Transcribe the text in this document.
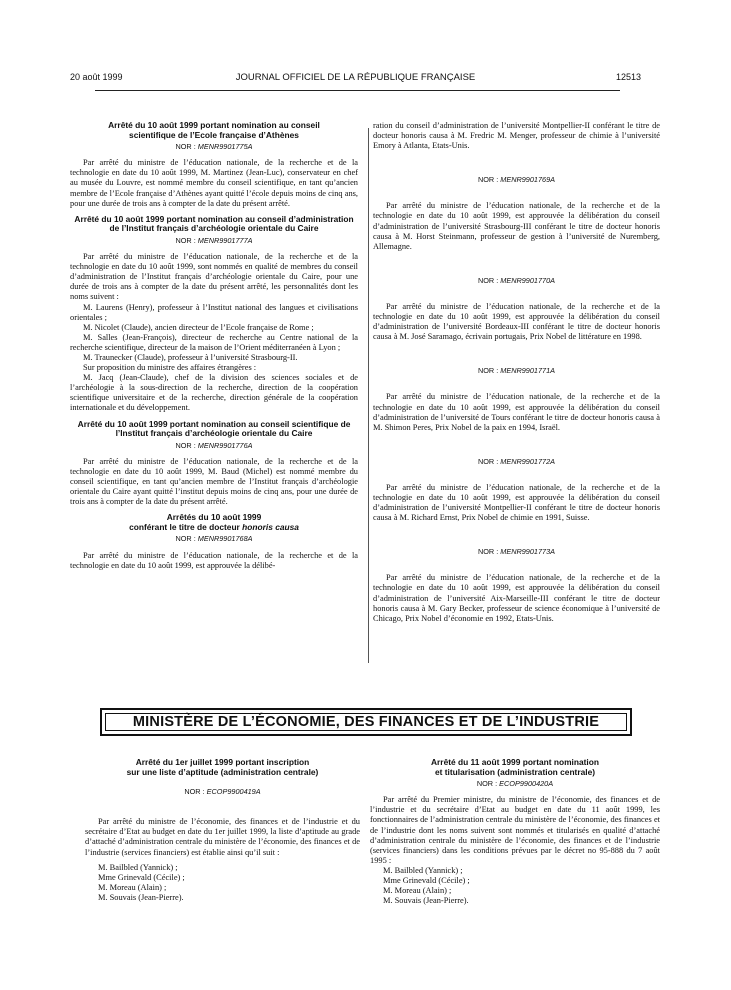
20 août 1999	JOURNAL OFFICIEL DE LA RÉPUBLIQUE FRANÇAISE	12513

Arrêté du 10 août 1999 portant nomination au conseil scientifique de l’Ecole française d’Athènes

NOR : MENR9901775A

Par arrêté du ministre de l’éducation nationale, de la recherche et de la technologie en date du 10 août 1999, M. Martinez (Jean-Luc), conservateur en chef au musée du Louvre, est nommé membre du conseil scientifique, en tant qu’ancien membre de l’Ecole française d’Athènes ayant quitté l’école depuis moins de cinq ans, pour une durée de trois ans à compter de la date du présent arrêté.

Arrêté du 10 août 1999 portant nomination au conseil d’administration de l’Institut français d’archéologie orientale du Caire

NOR : MENR9901777A

Par arrêté du ministre de l’éducation nationale, de la recherche et de la technologie en date du 10 août 1999, sont nommés en qualité de membres du conseil d’administration de l’Institut français d’archéologie orientale du Caire, pour une durée de trois ans à compter de la date du présent arrêté, les personnalités dont les noms suivent :

M. Laurens (Henry), professeur à l’Institut national des langues et civilisations orientales ;

M. Nicolet (Claude), ancien directeur de l’Ecole française de Rome ;

M. Salles (Jean-François), directeur de recherche au Centre national de la recherche scientifique, directeur de la maison de l’Orient méditerranéen à Lyon ;

M. Traunecker (Claude), professeur à l’université Strasbourg-II.

Sur proposition du ministre des affaires étrangères :

M. Jacq (Jean-Claude), chef de la division des sciences sociales et de l’archéologie à la sous-direction de la recherche, direction de la coopération scientifique universitaire et de la recherche, direction générale de la coopération internationale et du développement.

Arrêté du 10 août 1999 portant nomination au conseil scientifique de l’Institut français d’archéologie orientale du Caire

NOR : MENR9901776A

Par arrêté du ministre de l’éducation nationale, de la recherche et de la technologie en date du 10 août 1999, M. Baud (Michel) est nommé membre du conseil scientifique, en tant qu’ancien membre de l’Institut français d’archéologie orientale du Caire ayant quitté l’institut depuis moins de cinq ans, pour une durée de trois ans à compter de la date du présent arrêté.

Arrêtés du 10 août 1999

conférant le titre de docteur honoris causa

NOR : MENR9901768A

Par arrêté du ministre de l’éducation nationale, de la recherche et de la technologie en date du 10 août 1999, est approuvée la délibé-

ration du conseil d’administration de l’université Montpellier-II conférant le titre de docteur honoris causa à M. Fredric M. Menger, professeur de chimie à l’université Emory à Atlanta, Etats-Unis.

NOR : MENR9901769A

Par arrêté du ministre de l’éducation nationale, de la recherche et de la technologie en date du 10 août 1999, est approuvée la délibération du conseil d’administration de l’université Strasbourg-III conférant le titre de docteur honoris causa à M. Horst Steinmann, professeur de gestion à l’université de Nuremberg, Allemagne.

NOR : MENR9901770A

Par arrêté du ministre de l’éducation nationale, de la recherche et de la technologie en date du 10 août 1999, est approuvée la délibération du conseil d’administration de l’université Bordeaux-III conférant le titre de docteur honoris causa à M. José Saramago, écrivain portugais, Prix Nobel de littérature en 1998.

NOR : MENR9901771A

Par arrêté du ministre de l’éducation nationale, de la recherche et de la technologie en date du 10 août 1999, est approuvée la délibération du conseil d’administration de l’université de Tours conférant le titre de docteur honoris causa à M. Shimon Peres, Prix Nobel de la paix en 1994, Israël.

NOR : MENR9901772A

Par arrêté du ministre de l’éducation nationale, de la recherche et de la technologie en date du 10 août 1999, est approuvée la délibération du conseil d’administration de l’université Montpellier-II conférant le titre de docteur honoris causa à M. Richard Ernst, Prix Nobel de chimie en 1991, Suisse.

NOR : MENR9901773A

Par arrêté du ministre de l’éducation nationale, de la recherche et de la technologie en date du 10 août 1999, est approuvée la délibération du conseil d’administration de l’université Aix-Marseille-III conférant le titre de docteur honoris causa à M. Gary Becker, professeur de science économique à l’université de Chicago, Prix Nobel d’économie en 1992, Etats-Unis.

MINISTÈRE DE L’ÉCONOMIE, DES FINANCES ET DE L’INDUSTRIE

Arrêté du 1er juillet 1999 portant inscription

sur une liste d’aptitude (administration centrale)

NOR : ECOP9900419A

Par arrêté du ministre de l’économie, des finances et de l’industrie et du secrétaire d’Etat au budget en date du 1er juillet 1999, la liste d’aptitude au grade d’attaché d’administration centrale du ministère de l’économie, des finances et de l’industrie (services financiers) est établie ainsi qu’il suit :

M. Bailbled (Yannick) ;

Mme Grinevald (Cécile) ;

M. Moreau (Alain) ;

M. Souvais (Jean-Pierre).

Arrêté du 11 août 1999 portant nomination

et titularisation (administration centrale)

NOR : ECOP9900420A

Par arrêté du Premier ministre, du ministre de l’économie, des finances et de l’industrie et du secrétaire d’Etat au budget en date du 11 août 1999, les fonctionnaires de l’administration centrale du ministère de l’économie, des finances et de l’industrie dont les noms suivent sont nommés et titularisés en qualité d’attaché d’administration centrale du ministère de l’économie, des finances et de l’industrie (services financiers) dans les conditions prévues par le décret no 95-888 du 7 août 1995 :

M. Bailbled (Yannick) ;

Mme Grinevald (Cécile) ;

M. Moreau (Alain) ;

M. Souvais (Jean-Pierre).
